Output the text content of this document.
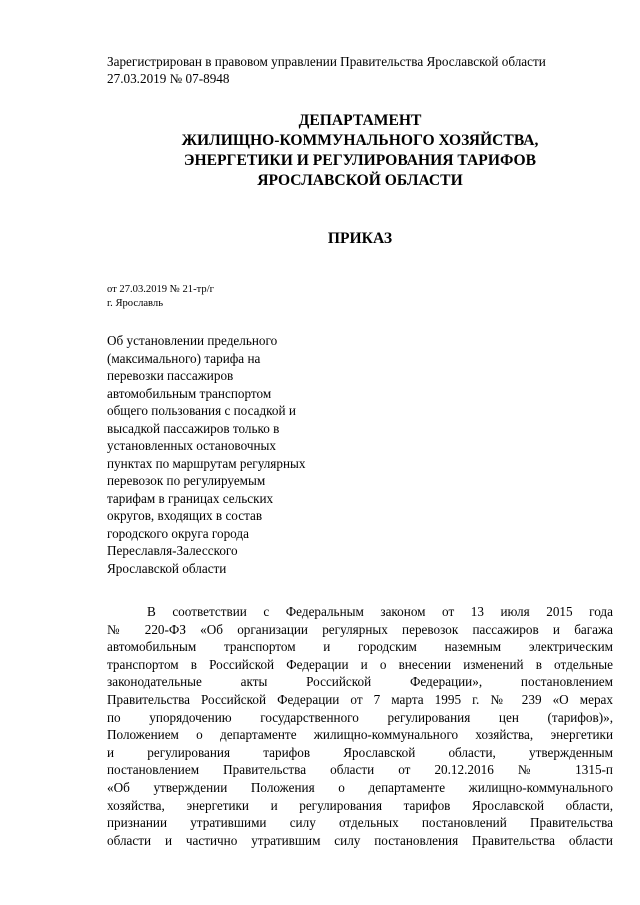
Зарегистрирован в правовом управлении Правительства Ярославской области
27.03.2019 № 07-8948
ДЕПАРТАМЕНТ
ЖИЛИЩНО-КОММУНАЛЬНОГО ХОЗЯЙСТВА,
ЭНЕРГЕТИКИ И РЕГУЛИРОВАНИЯ ТАРИФОВ
ЯРОСЛАВСКОЙ ОБЛАСТИ
ПРИКАЗ
от 27.03.2019 № 21-тр/г
г. Ярославль
Об установлении предельного
(максимального) тарифа на
перевозки пассажиров
автомобильным транспортом
общего пользования с посадкой и
высадкой пассажиров только в
установленных остановочных
пунктах по маршрутам регулярных
перевозок по регулируемым
тарифам в границах сельских
округов, входящих в состав
городского округа города
Переславля-Залесского
Ярославской области
В соответствии с Федеральным законом от 13 июля 2015 года
№ 220-ФЗ «Об организации регулярных перевозок пассажиров и багажа
автомобильным транспортом и городским наземным электрическим
транспортом в Российской Федерации и о внесении изменений в отдельные
законодательные акты Российской Федерации», постановлением
Правительства Российской Федерации от 7 марта 1995 г. № 239 «О мерах
по упорядочению государственного регулирования цен (тарифов)»,
Положением о департаменте жилищно-коммунального хозяйства, энергетики
и регулирования тарифов Ярославской области, утвержденным
постановлением Правительства области от 20.12.2016 № 1315-п
«Об утверждении Положения о департаменте жилищно-коммунального
хозяйства, энергетики и регулирования тарифов Ярославской области,
признании утратившими силу отдельных постановлений Правительства
области и частично утратившим силу постановления Правительства области
